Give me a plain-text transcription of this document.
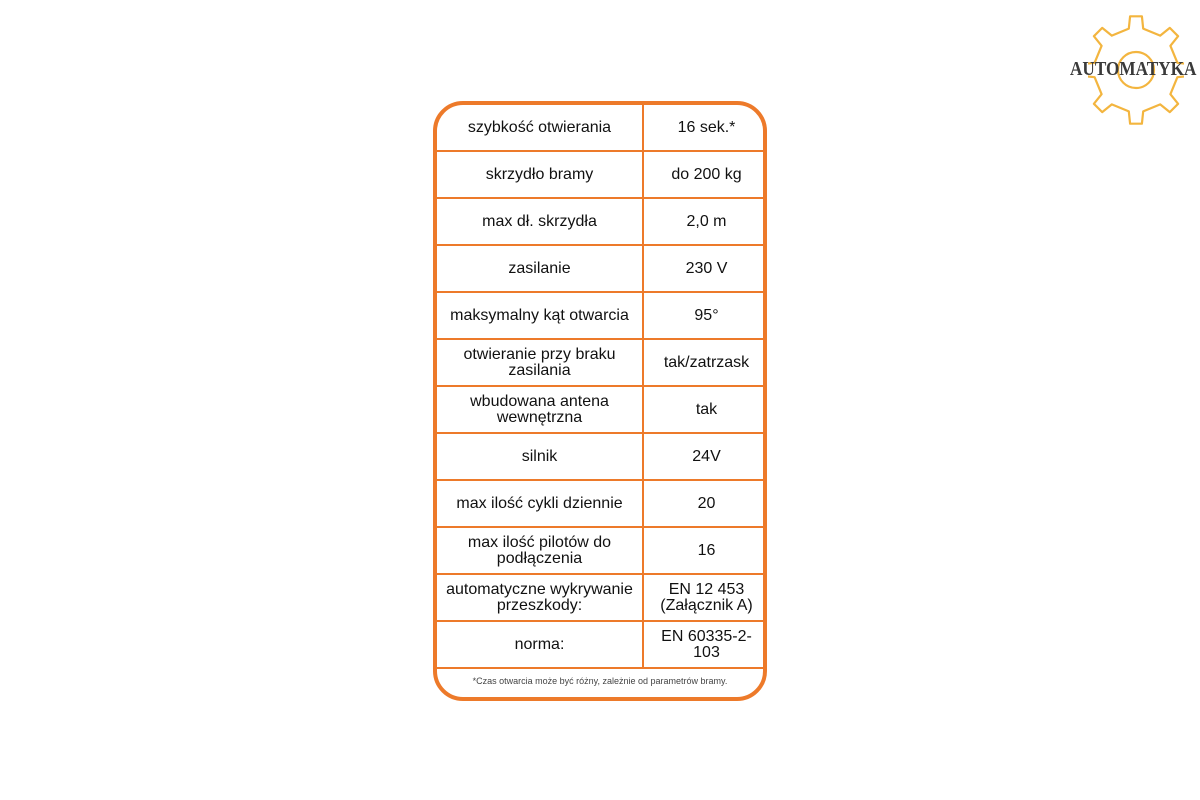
AUTOMATYKA
szybkość otwierania	16 sek.*
skrzydło bramy	do 200 kg
max dł. skrzydła	2,0 m
zasilanie	230 V
maksymalny kąt otwarcia	95°
otwieranie przy braku zasilania	tak/zatrzask
wbudowana antena wewnętrzna	tak
silnik	24V
max ilość cykli dziennie	20
max ilość pilotów do podłączenia	16
automatyczne wykrywanie przeszkody:	EN 12 453 (Załącznik A)
norma:	EN 60335-2-103
*Czas otwarcia może być różny, zależnie od parametrów bramy.
